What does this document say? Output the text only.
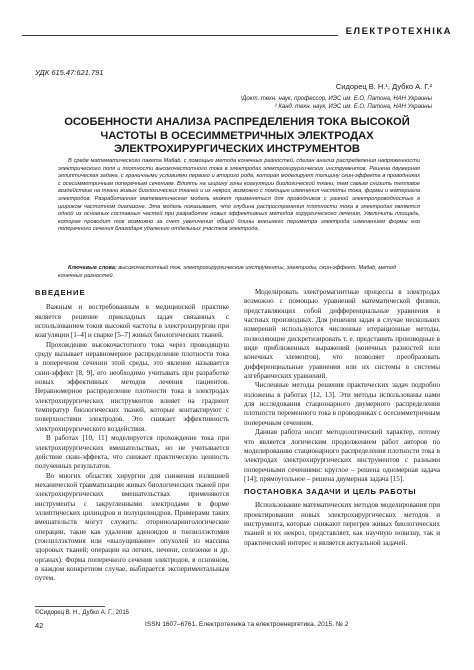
ЕЛЕКТРОТЕХНІКА
УДК 615.47:621.791
Сидорец В. Н.¹, Дубко А. Г.²
¹Докт. техн. наук, профессор, ИЭС им. Е.О. Патона, НАН Украины
² Канд. техн. наук, ИЭС им. Е.О. Патона, НАН Украины
ОСОБЕННОСТИ АНАЛИЗА РАСПРЕДЕЛЕНИЯ ТОКА ВЫСОКОЙ ЧАСТОТЫ В ОСЕСИММЕТРИЧНЫХ ЭЛЕКТРОДАХ ЭЛЕКТРОХИРУРГИЧЕСКИХ ИНСТРУМЕНТОВ
В среде математического пакета Matlab, с помощью метода конечных разностей, сделан анализ распределения напряженности электрического поля и плотности высокочастотного тока в электродах электрохирургических инструментов. Решена двумерная эллиптическая задача, с граничными условиями первого и второго рода, которая моделирует толщину скин-эффекта в проводниках с осесимметричным поперечным сечением. Влиять на ширину зоны коагуляции биологической ткани, тем самым снизить тепловое воздействие на ткани живых биологических тканей и их некроз, возможно с помощью изменения частоты тока, формы и материала электродов. Разработанная математическая модель может применяться для проводников с разной электропроводностью в широком частотном диапазоне. Эта модель показывает, что глубина распространения плотности тока в электродах является одной из основных составных частей при разработке новых эффективных методов хирургического лечения. Увеличить площадь, которая проводит ток возможно за счет увеличения общей длины внешнего периметра электрода изменением формы его поперечного сечения благодаря удалению отдельных участков электрода.
Ключевые слова: высокочастотный ток, электрохирургические инструменты, электроды, скин-эффект, Matlab, метод конечных разностей.
ВВЕДЕНИЕ

Важным и востребованным в медицинской практике является решение прикладных задач связанных с использованием токов высокой частоты в электрохирургии при коагуляции [1–4] и сварке [5–7] живых биологических тканей.

Прохождение высокочастотного тока через проводящую среду вызывает неравномерное распределение плотности тока в поперечном сечении этой среды, это явление называется скин-эффект [8, 9], его необходимо учитывать при разработке новых эффективных методов лечения пациентов. Неравномерное распределение плотности тока в электродах электрохирургических инструментов влияет на градиент температур биологических тканей, которые контактируют с поверхностями электродов. Это снижает эффективность электрохирургического воздействия.

В работах [10, 11] моделируется прохождение тока при электрохирургических вмешательствах, но не учитывается действие скин-эффекта, что снижает практическую ценность полученных результатов.

Во многих областях хирургии для снижения излишней механической травматизации живых биологических тканей при электрохирургических вмешательствах применяются инструменты с закругленными электродами в форме эллиптических цилиндров и полуцилиндров. Примерами таких вмешательств могут служить: оториноларингологические операции, такие как удаление аденоидов и тонзиллэктомия (тонзиллэктомия или «вылущивание» опухолей из массива здоровых тканей; операции на легких, печени, селезенке и др. органах). Форма поперечного сечения электродов, в основном, в каждом конкретном случае, выбирается экспериментальным путем.

Моделировать электромагнитные процессы в электродах возможно с помощью уравнений математической физики, представляющих собой дифференциальные уравнения в частных производных. Для решения задач в случае нескольких измерений используются численные итерационные методы, позволяющие дискретизировать т. е. представить производные в виде приближенных выражений (конечных разностей или конечных элементов), что позволяет преобразовать дифференциальные уравнения или их системы в системы алгебраических уравнений.

Численные методы решения практических задач подробно изложены в работах [12, 13]. Эти методы использованы нами для исследования стационарного двумерного распределения плотности переменного тока в проводниках с осесимметричным поперечным сечением.

Данная работа носит методологический характер, потому что является логическим продолжением работ авторов по моделированию стационарного распределения плотности тока в электродах электрохирургических инструментов с разными поперечными сечениями: круглое – решена одномерная задача [14]; прямоугольное – решена двумерная задача [15].

ПОСТАНОВКА ЗАДАЧИ И ЦЕЛЬ РАБОТЫ

Использование математических методов моделирования при проектировании новых электрохирургических методов и инструмента, которые снижают перегрев живых биологических тканей и их некроз, представляет, как научную новизну, так и практический интерес и является актуальной задачей.

©Сидорец В. Н., Дубко А. Г., 2015
42	ISSN 1607–6761. Електротехніка та електроенергетика. 2015. № 2
